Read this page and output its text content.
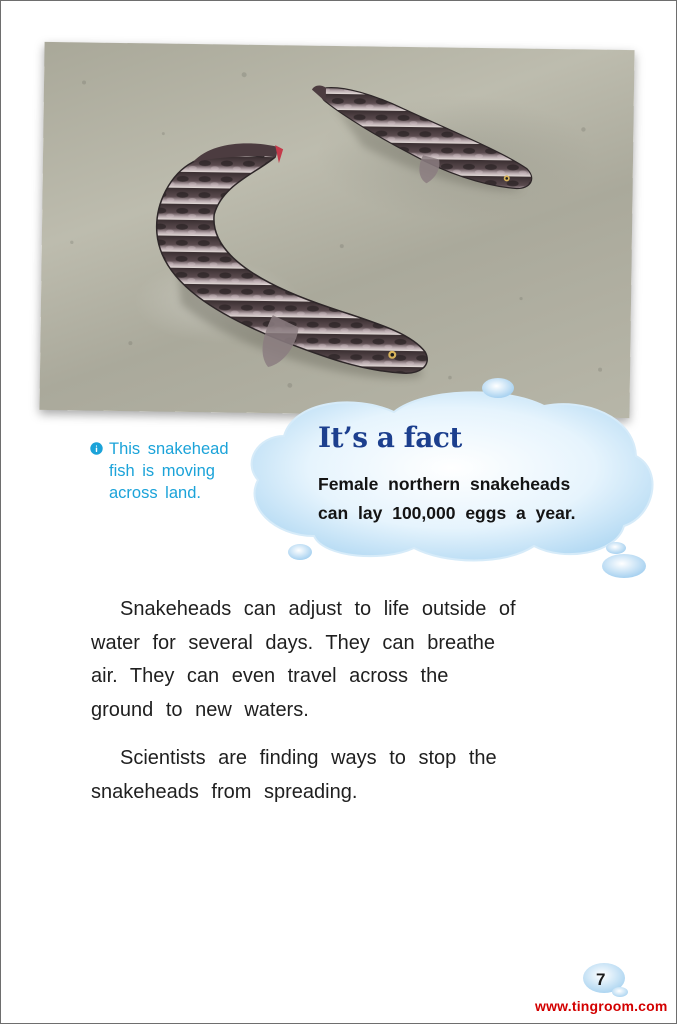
This snakehead
fish is moving
across land.
It’s a fact
Female northern snakeheads
can lay 100,000 eggs a year.
Snakeheads can adjust to life outside of
water for several days. They can breathe
air. They can even travel across the
ground to new waters.
Scientists are finding ways to stop the
snakeheads from spreading.
7
www.tingroom.com
